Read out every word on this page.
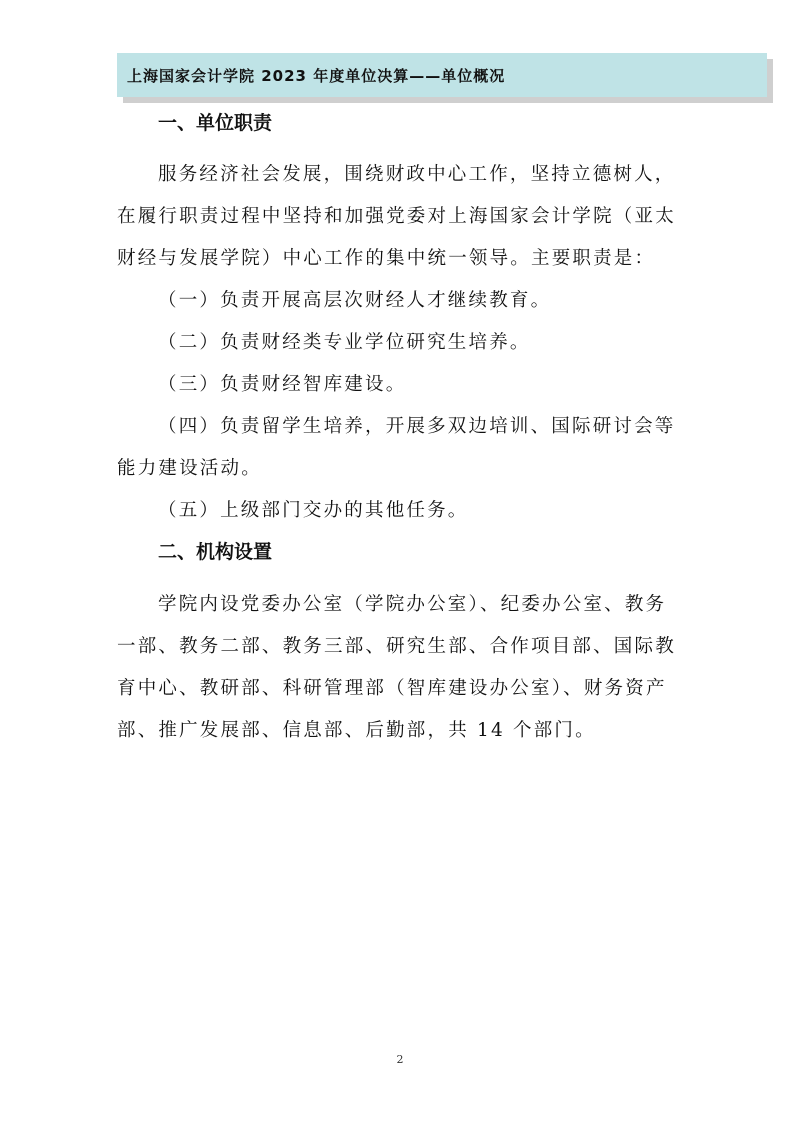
上海国家会计学院 2023 年度单位决算——单位概况
一、单位职责
服务经济社会发展，围绕财政中心工作，坚持立德树人，
在履行职责过程中坚持和加强党委对上海国家会计学院（亚太
财经与发展学院）中心工作的集中统一领导。主要职责是：
（一）负责开展高层次财经人才继续教育。
（二）负责财经类专业学位研究生培养。
（三）负责财经智库建设。
（四）负责留学生培养，开展多双边培训、国际研讨会等
能力建设活动。
（五）上级部门交办的其他任务。
二、机构设置
学院内设党委办公室（学院办公室）、纪委办公室、教务
一部、教务二部、教务三部、研究生部、合作项目部、国际教
育中心、教研部、科研管理部（智库建设办公室）、财务资产
部、推广发展部、信息部、后勤部，共 14 个部门。
2
